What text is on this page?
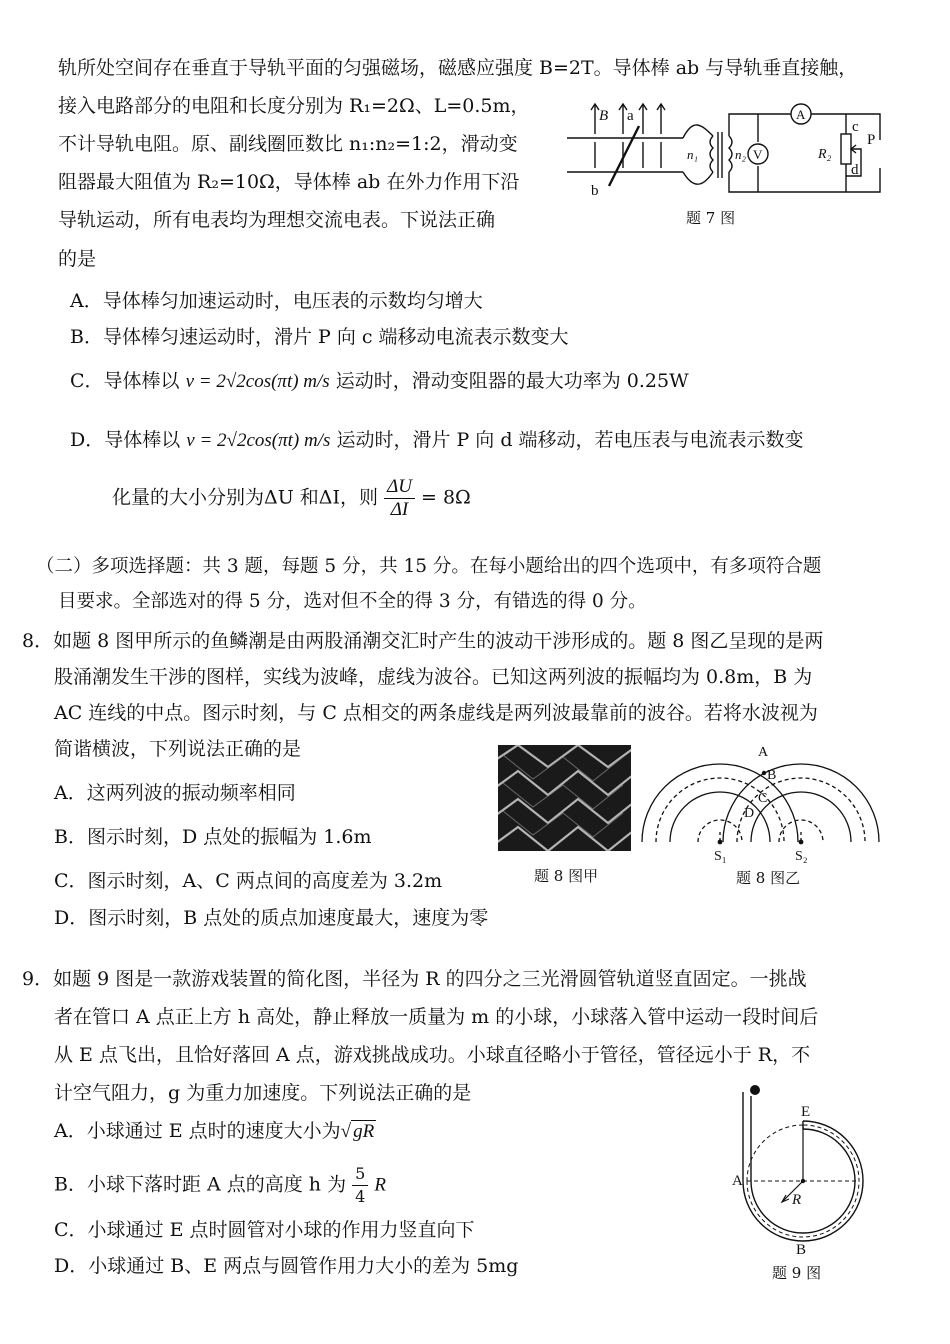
轨所处空间存在垂直于导轨平面的匀强磁场，磁感应强度 B=2T。导体棒 ab 与导轨垂直接触，
接入电路部分的电阻和长度分别为 R₁=2Ω、L=0.5m，
不计导轨电阻。原、副线圈匝数比 n₁:n₂=1:2，滑动变
阻器最大阻值为 R₂=10Ω，导体棒 ab 在外力作用下沿
导轨运动，所有电表均为理想交流电表。下说法正确
的是
B a
b
n₁	n₂
A
V	R₂
c
d
P
题 7 图
A．导体棒匀加速运动时，电压表的示数均匀增大
B．导体棒匀速运动时，滑片 P 向 c 端移动电流表示数变大
C．导体棒以 v = 2√2cos(πt) m/s 运动时，滑动变阻器的最大功率为 0.25W
D．导体棒以 v = 2√2cos(πt) m/s 运动时，滑片 P 向 d 端移动，若电压表与电流表示数变
化量的大小分别为ΔU 和ΔI，则 $\frac{\Delta U}{\Delta I} = 8\Omega$
（二）多项选择题：共 3 题，每题 5 分，共 15 分。在每小题给出的四个选项中，有多项符合题
目要求。全部选对的得 5 分，选对但不全的得 3 分，有错选的得 0 分。
8．如题 8 图甲所示的鱼鳞潮是由两股涌潮交汇时产生的波动干涉形成的。题 8 图乙呈现的是两
股涌潮发生干涉的图样，实线为波峰，虚线为波谷。已知这两列波的振幅均为 0.8m，B 为
AC 连线的中点。图示时刻，与 C 点相交的两条虚线是两列波最靠前的波谷。若将水波视为
简谐横波，下列说法正确的是
A．这两列波的振动频率相同
B．图示时刻，D 点处的振幅为 1.6m
C．图示时刻，A、C 两点间的高度差为 3.2m
D．图示时刻，B 点处的质点加速度最大，速度为零
题 8 图甲
A
B
C
D
S₁	S₂
题 8 图乙
9．如题 9 图是一款游戏装置的简化图，半径为 R 的四分之三光滑圆管轨道竖直固定。一挑战
者在管口 A 点正上方 h 高处，静止释放一质量为 m 的小球，小球落入管中运动一段时间后
从 E 点飞出，且恰好落回 A 点，游戏挑战成功。小球直径略小于管径，管径远小于 R，不
计空气阻力，g 为重力加速度。下列说法正确的是
A．小球通过 E 点时的速度大小为√ gR
B．小球下落时距 A 点的高度 h 为 $\frac{5}{4}$ R
C．小球通过 E 点时圆管对小球的作用力竖直向下
D．小球通过 B、E 两点与圆管作用力大小的差为 5mg
E
A
R
B
题 9 图
